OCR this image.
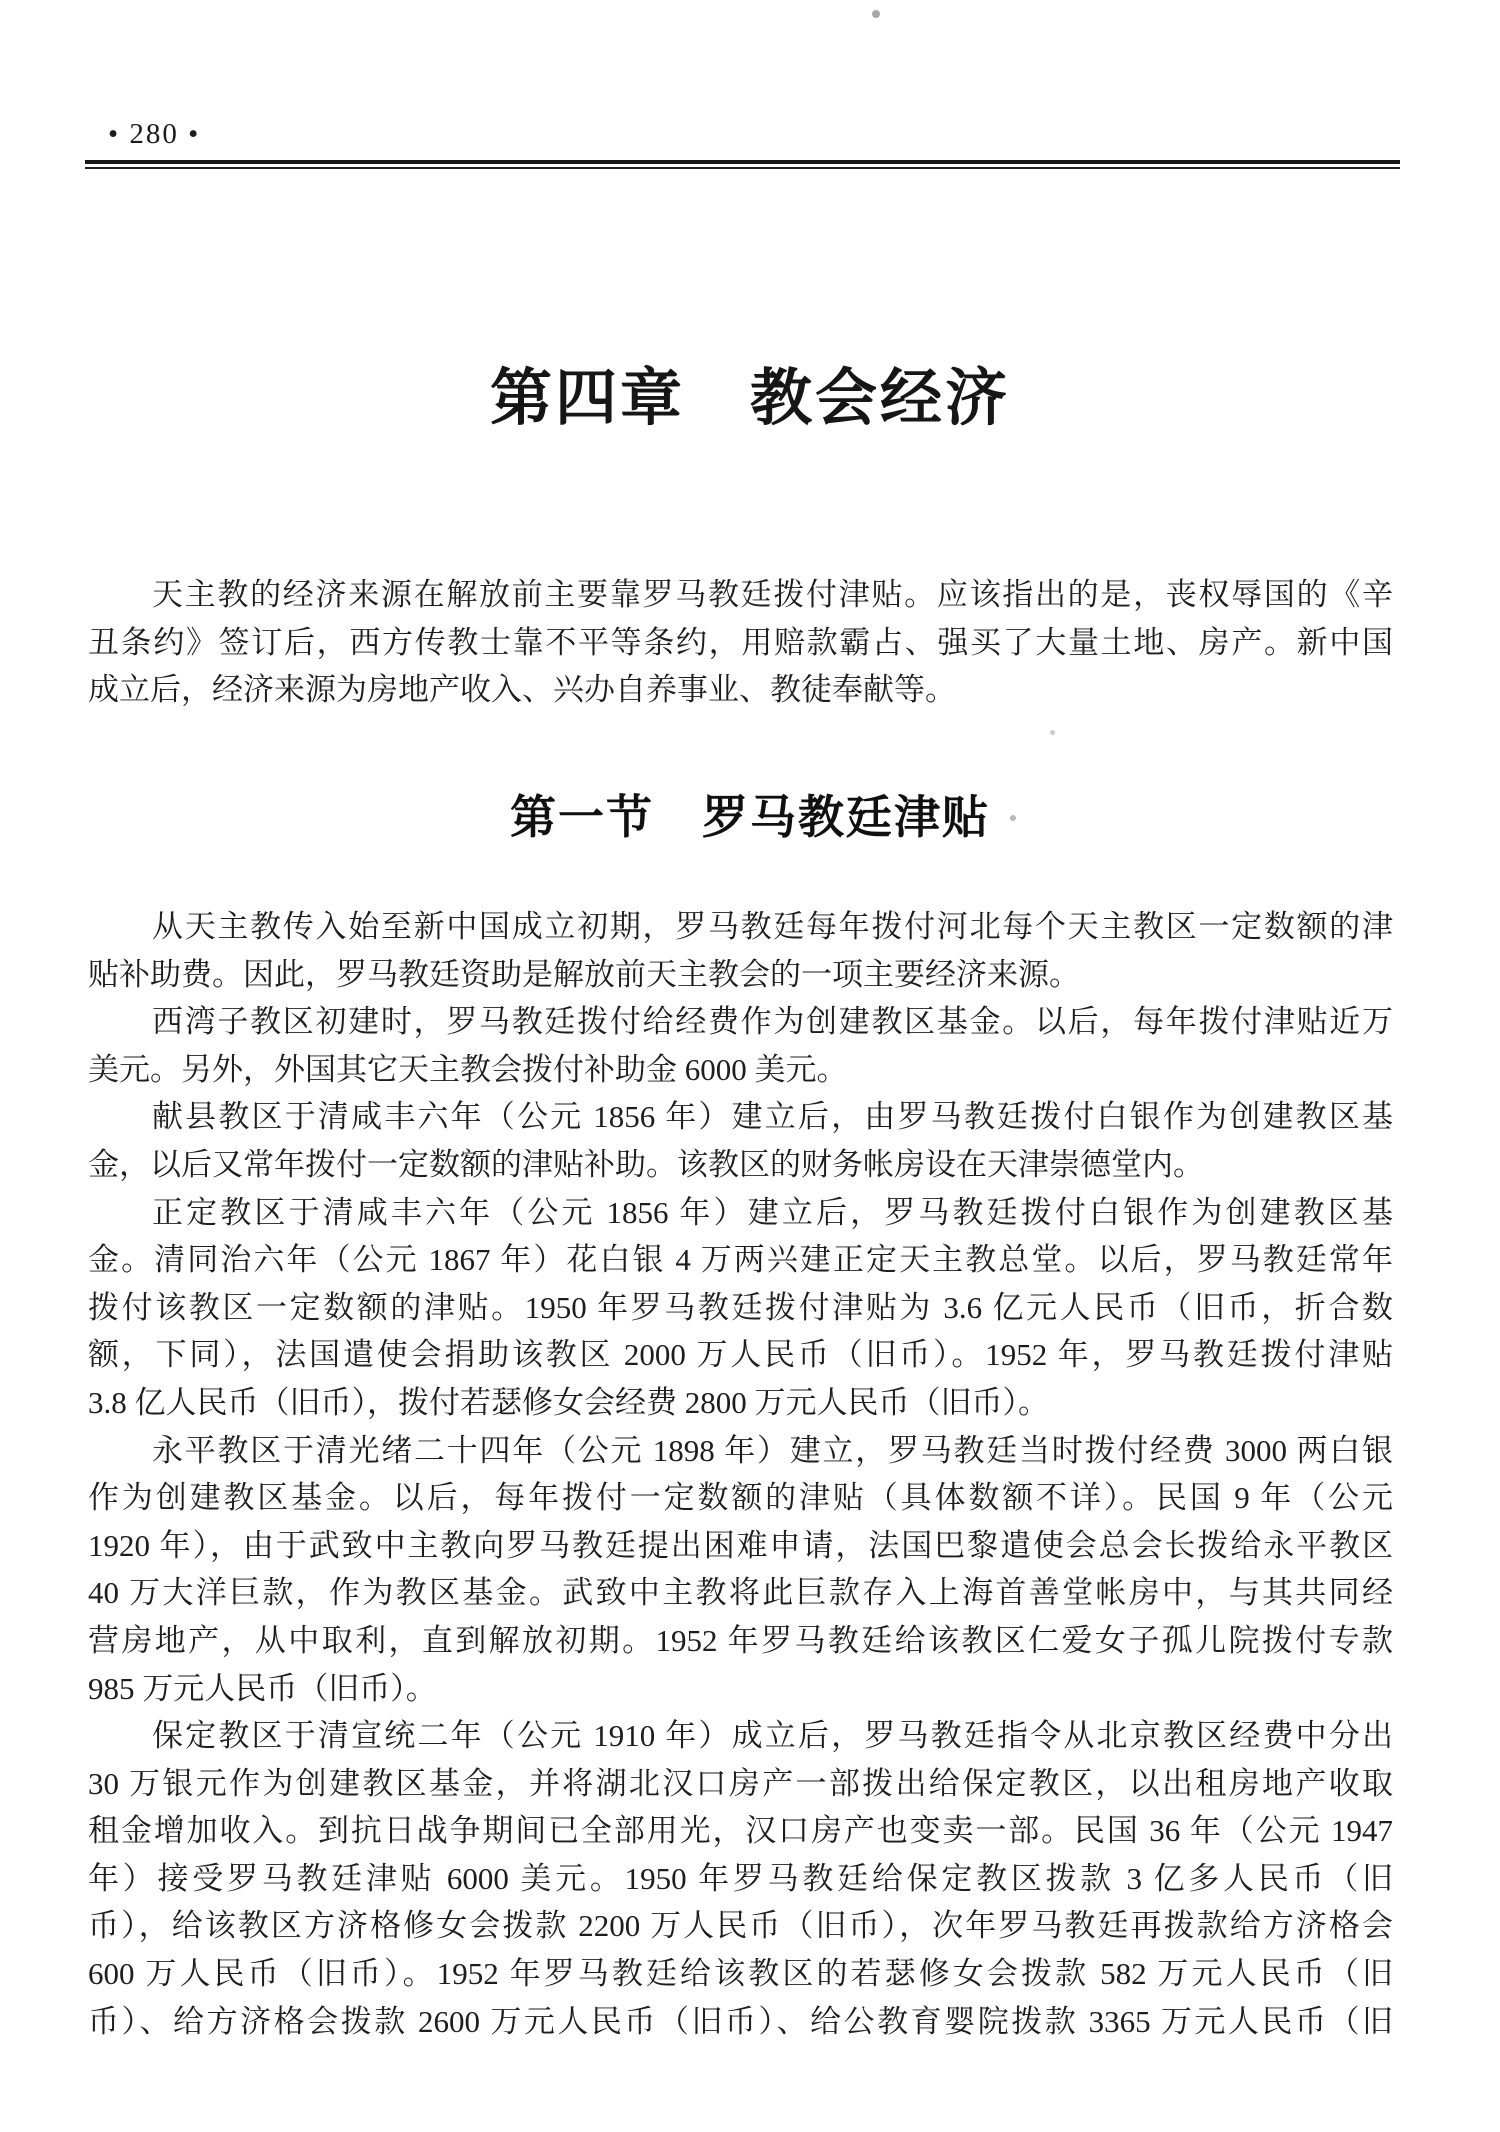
• 280 •
第四章　教会经济
天主教的经济来源在解放前主要靠罗马教廷拨付津贴。应该指出的是，丧权辱国的《辛
丑条约》签订后，西方传教士靠不平等条约，用赔款霸占、强买了大量土地、房产。新中国
成立后，经济来源为房地产收入、兴办自养事业、教徒奉献等。
第一节　罗马教廷津贴
从天主教传入始至新中国成立初期，罗马教廷每年拨付河北每个天主教区一定数额的津
贴补助费。因此，罗马教廷资助是解放前天主教会的一项主要经济来源。
西湾子教区初建时，罗马教廷拨付给经费作为创建教区基金。以后，每年拨付津贴近万
美元。另外，外国其它天主教会拨付补助金 6000 美元。
献县教区于清咸丰六年（公元 1856 年）建立后，由罗马教廷拨付白银作为创建教区基
金，以后又常年拨付一定数额的津贴补助。该教区的财务帐房设在天津崇德堂内。
正定教区于清咸丰六年（公元 1856 年）建立后，罗马教廷拨付白银作为创建教区基
金。清同治六年（公元 1867 年）花白银 4 万两兴建正定天主教总堂。以后，罗马教廷常年
拨付该教区一定数额的津贴。1950 年罗马教廷拨付津贴为 3.6 亿元人民币（旧币，折合数
额，下同），法国遣使会捐助该教区 2000 万人民币（旧币）。1952 年，罗马教廷拨付津贴
3.8 亿人民币（旧币），拨付若瑟修女会经费 2800 万元人民币（旧币）。
永平教区于清光绪二十四年（公元 1898 年）建立，罗马教廷当时拨付经费 3000 两白银
作为创建教区基金。以后，每年拨付一定数额的津贴（具体数额不详）。民国 9 年（公元
1920 年），由于武致中主教向罗马教廷提出困难申请，法国巴黎遣使会总会长拨给永平教区
40 万大洋巨款，作为教区基金。武致中主教将此巨款存入上海首善堂帐房中，与其共同经
营房地产，从中取利，直到解放初期。1952 年罗马教廷给该教区仁爱女子孤儿院拨付专款
985 万元人民币（旧币）。
保定教区于清宣统二年（公元 1910 年）成立后，罗马教廷指令从北京教区经费中分出
30 万银元作为创建教区基金，并将湖北汉口房产一部拨出给保定教区，以出租房地产收取
租金增加收入。到抗日战争期间已全部用光，汉口房产也变卖一部。民国 36 年（公元 1947
年）接受罗马教廷津贴 6000 美元。1950 年罗马教廷给保定教区拨款 3 亿多人民币（旧
币），给该教区方济格修女会拨款 2200 万人民币（旧币），次年罗马教廷再拨款给方济格会
600 万人民币（旧币）。1952 年罗马教廷给该教区的若瑟修女会拨款 582 万元人民币（旧
币）、给方济格会拨款 2600 万元人民币（旧币）、给公教育婴院拨款 3365 万元人民币（旧
